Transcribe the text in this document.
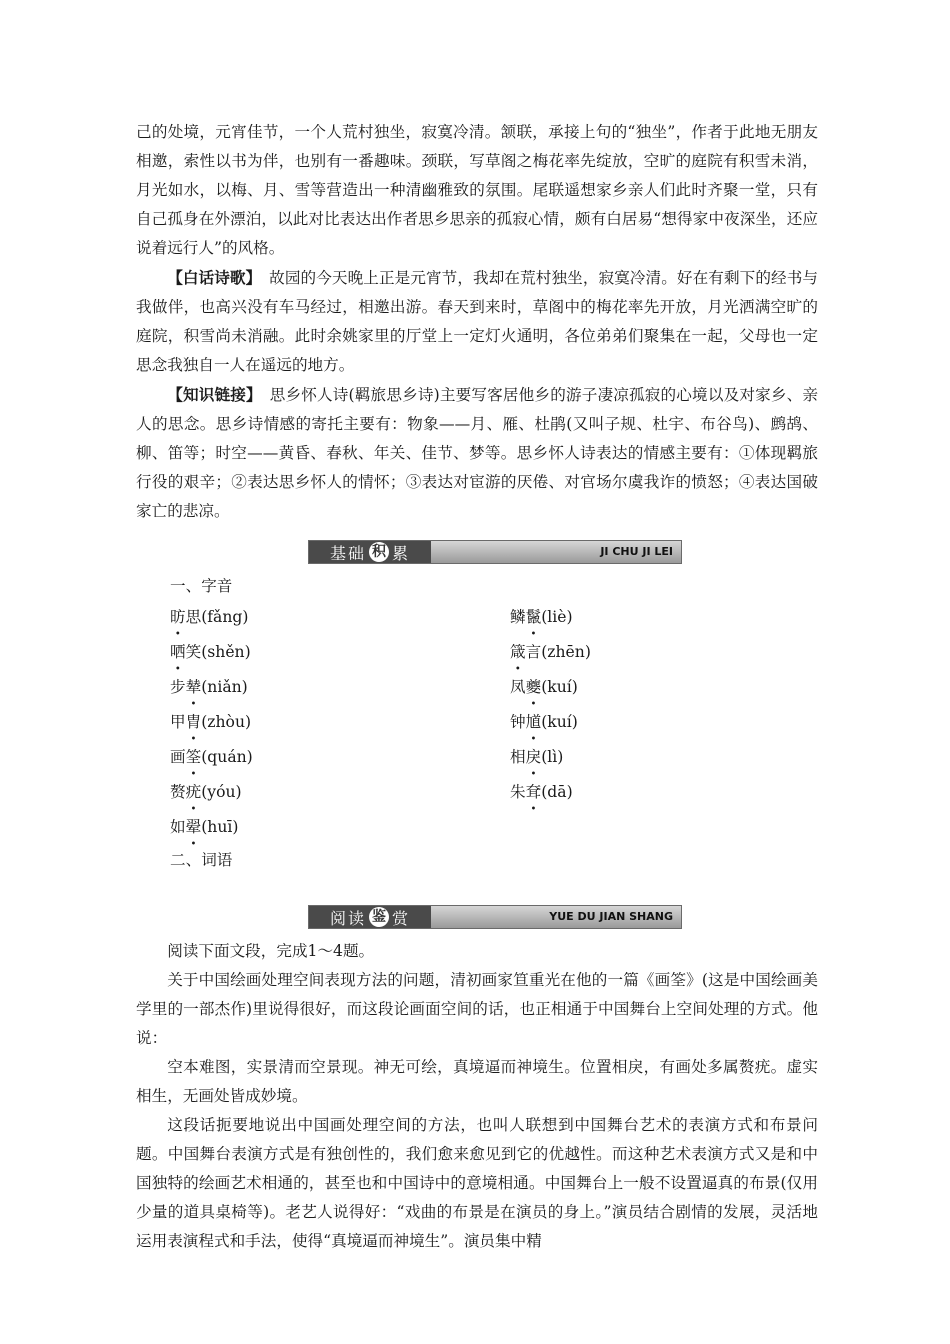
己的处境，元宵佳节，一个人荒村独坐，寂寞冷清。颔联，承接上句的“独坐”，作者于此地无朋友相邀，索性以书为伴，也别有一番趣味。颈联，写草阁之梅花率先绽放，空旷的庭院有积雪未消，月光如水，以梅、月、雪等营造出一种清幽雅致的氛围。尾联遥想家乡亲人们此时齐聚一堂，只有自己孤身在外漂泊，以此对比表达出作者思乡思亲的孤寂心情，颇有白居易“想得家中夜深坐，还应说着远行人”的风格。

【白话诗歌】　 故园的今天晚上正是元宵节，我却在荒村独坐，寂寞冷清。好在有剩下的经书与我做伴，也高兴没有车马经过，相邀出游。春天到来时，草阁中的梅花率先开放，月光洒满空旷的庭院，积雪尚未消融。此时余姚家里的厅堂上一定灯火通明，各位弟弟们聚集在一起，父母也一定思念我独自一人在遥远的地方。

【知识链接】　 思乡怀人诗(羁旅思乡诗)主要写客居他乡的游子凄凉孤寂的心境以及对家乡、亲人的思念。思乡诗情感的寄托主要有：物象——月、雁、杜鹃(又叫子规、杜宇、布谷鸟)、鹧鸪、柳、笛等；时空——黄昏、春秋、年关、佳节、梦等。思乡怀人诗表达的情感主要有：①体现羁旅行役的艰辛；②表达思乡怀人的情怀；③表达对宦游的厌倦、对官场尔虞我诈的愤怒；④表达国破家亡的悲凉。

基础 积 累	JI CHU JI LEI
一、字音
昉思(fǎng)	鳞鬣(liè)
哂笑(shěn)	箴言(zhēn)
步辇(niǎn)	凤夔(kuí)
甲胄(zhòu)	钟馗(kuí)
画筌(quán)	相戾(lì)
赘疣(yóu)	朱耷(dā)
如翚(huī)
二、词语
阅读 鉴 赏	YUE DU JIAN SHANG

阅读下面文段，完成1～4题。

关于中国绘画处理空间表现方法的问题，清初画家笪重光在他的一篇《画筌》(这是中国绘画美学里的一部杰作)里说得很好，而这段论画面空间的话，也正相通于中国舞台上空间处理的方式。他说：

空本难图，实景清而空景现。神无可绘，真境逼而神境生。位置相戾，有画处多属赘疣。虚实相生，无画处皆成妙境。

这段话扼要地说出中国画处理空间的方法，也叫人联想到中国舞台艺术的表演方式和布景问题。中国舞台表演方式是有独创性的，我们愈来愈见到它的优越性。而这种艺术表演方式又是和中国独特的绘画艺术相通的，甚至也和中国诗中的意境相通。中国舞台上一般不设置逼真的布景(仅用少量的道具桌椅等)。老艺人说得好：“戏曲的布景是在演员的身上。”演员结合剧情的发展，灵活地运用表演程式和手法，使得“真境逼而神境生”。演员集中精
